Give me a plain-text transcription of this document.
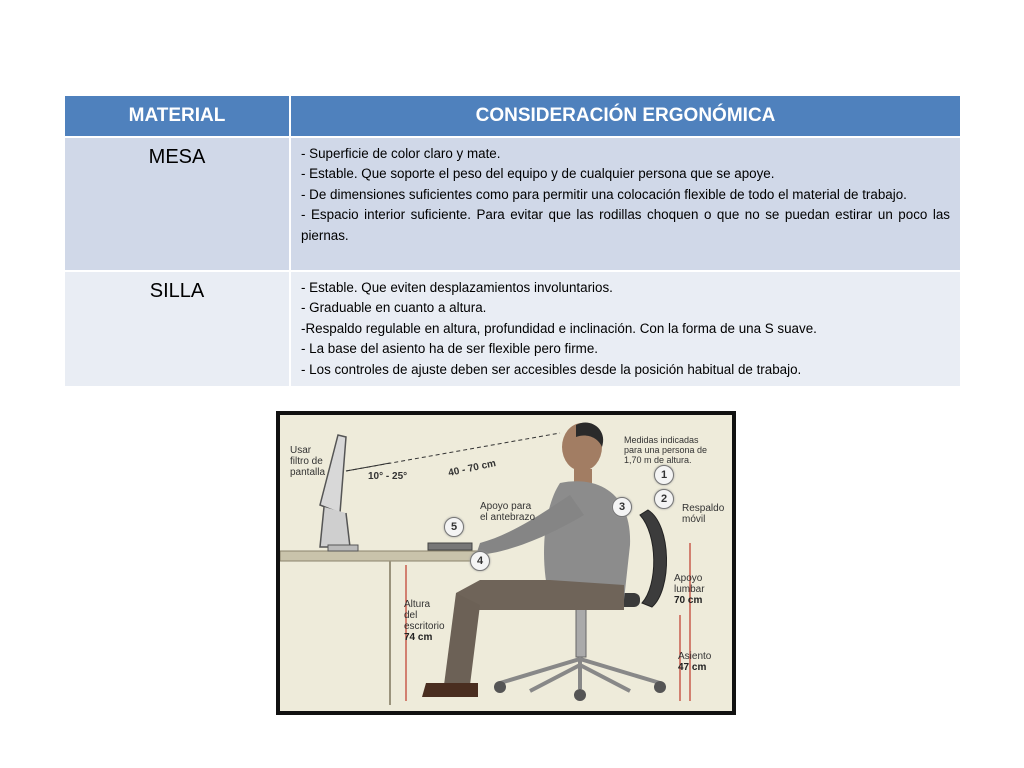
MATERIAL	CONSIDERACIÓN ERGONÓMICA
MESA	- Superficie de color claro y mate.
- Estable. Que soporte el peso del equipo y de cualquier persona que se apoye.
- De dimensiones suficientes como para permitir una colocación flexible de todo el material de trabajo.
- Espacio interior suficiente. Para evitar que las rodillas choquen o que no se puedan estirar un poco las piernas.

SILLA	- Estable. Que eviten desplazamientos involuntarios.
- Graduable en cuanto a altura.
-Respaldo regulable en altura, profundidad e inclinación. Con la forma de una S suave.
- La base del asiento ha de ser flexible pero firme.
- Los controles de ajuste deben ser accesibles desde la posición habitual de trabajo.
Usar
filtro de
pantalla	10° - 25°	40 - 70 cm
Medidas indicadas
para una persona de
1,70 m de altura.
Apoyo para
el antebrazo
Respaldo
móvil
Apoyo
lumbar
70 cm
Altura
del
escritorio
74 cm
Asiento
47 cm
1
2
3
4
5
